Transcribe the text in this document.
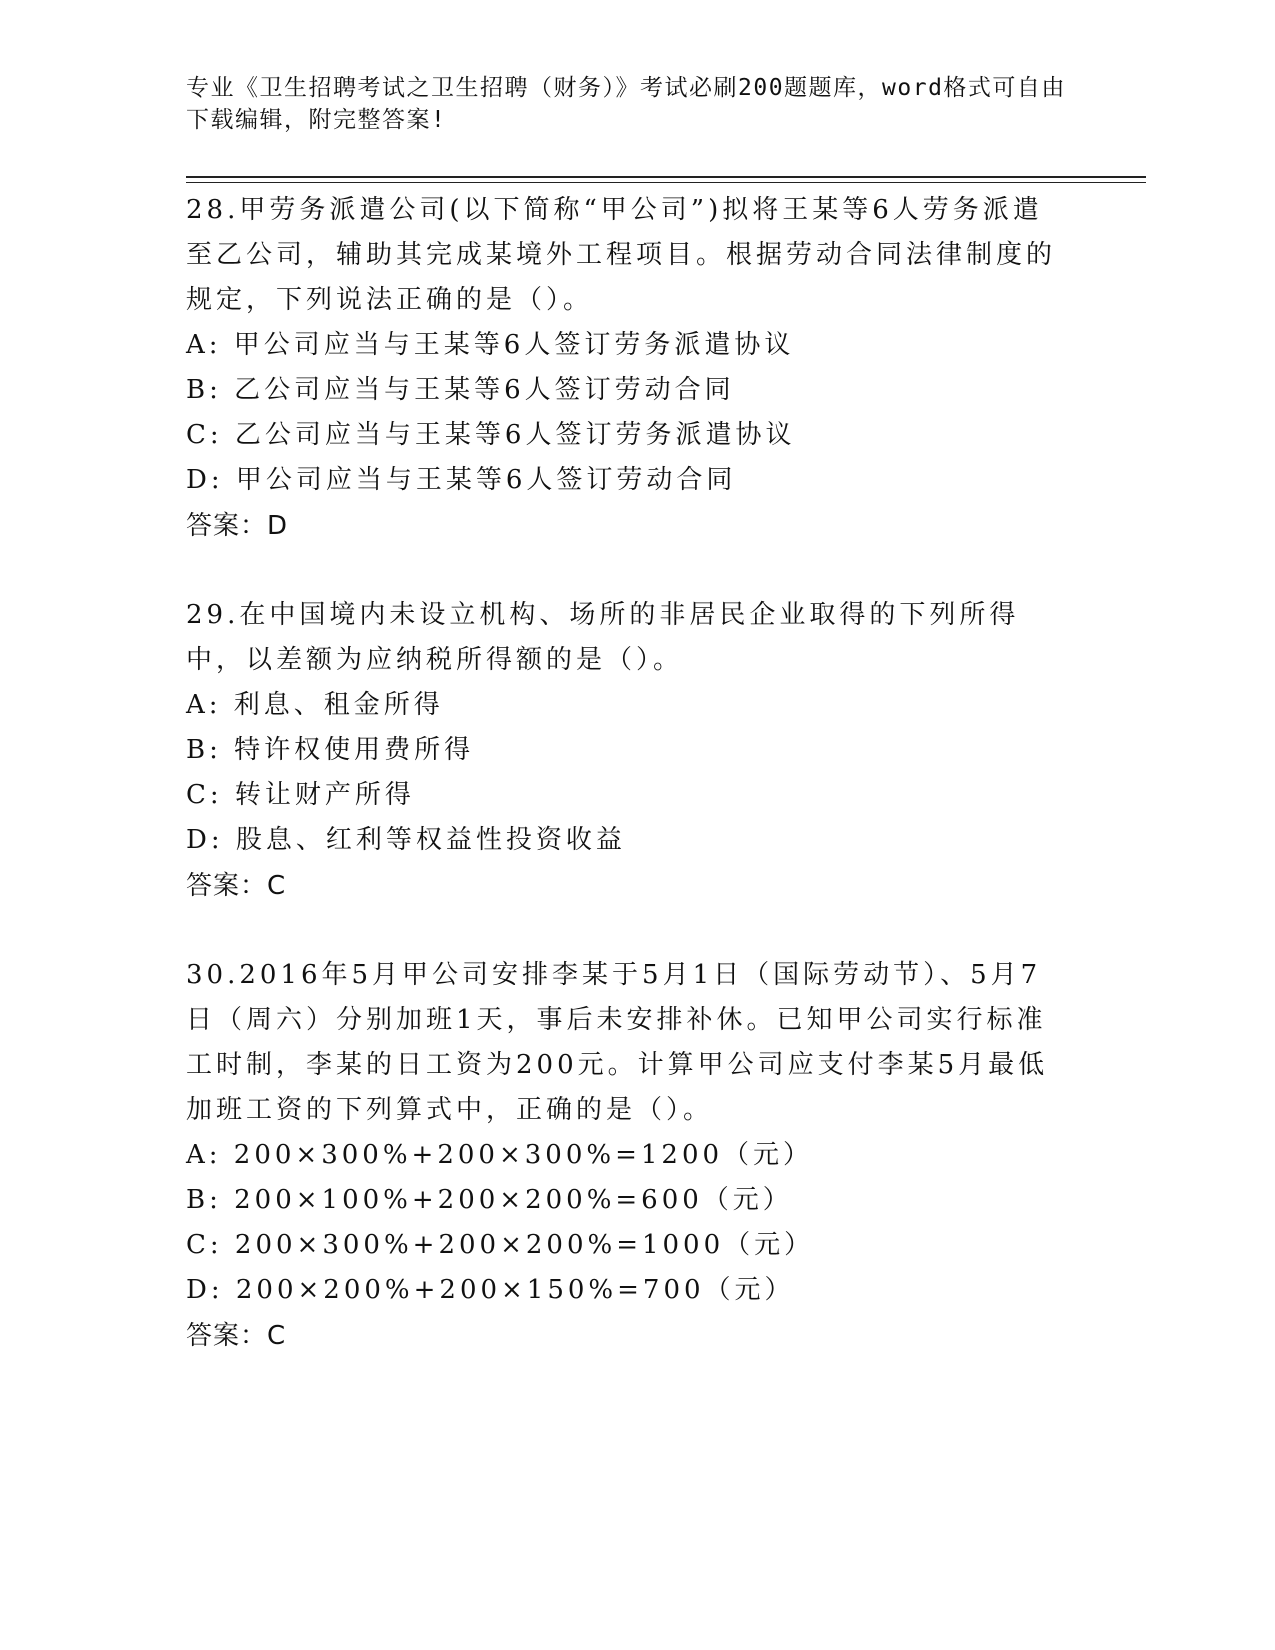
专业《卫生招聘考试之卫生招聘（财务）》考试必刷200题题库，word格式可自由下载编辑，附完整答案!

28.甲劳务派遣公司(以下简称“甲公司”)拟将王某等6人劳务派遣至乙公司，辅助其完成某境外工程项目。根据劳动合同法律制度的规定，下列说法正确的是（）。

A: 甲公司应当与王某等6人签订劳务派遣协议

B: 乙公司应当与王某等6人签订劳动合同

C: 乙公司应当与王某等6人签订劳务派遣协议

D: 甲公司应当与王某等6人签订劳动合同

答案：D

29.在中国境内未设立机构、场所的非居民企业取得的下列所得中，以差额为应纳税所得额的是（）。

A: 利息、租金所得

B: 特许权使用费所得

C: 转让财产所得

D: 股息、红利等权益性投资收益

答案：C

30.2016年5月甲公司安排李某于5月1日（国际劳动节）、5月7日（周六）分别加班1天，事后未安排补休。已知甲公司实行标准工时制，李某的日工资为200元。计算甲公司应支付李某5月最低加班工资的下列算式中，正确的是（）。

A: 200×300%+200×300%=1200（元）

B: 200×100%+200×200%=600（元）

C: 200×300%+200×200%=1000（元）

D: 200×200%+200×150%=700（元）

答案：C
